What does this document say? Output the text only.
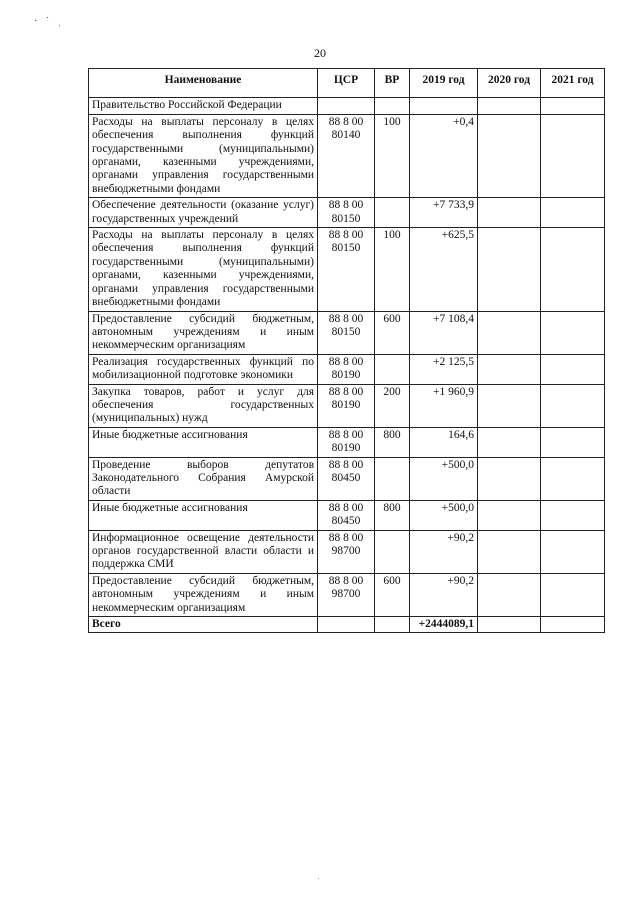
· ˙ ˌ
20
Наименование	ЦСР	ВР	2019 год	2020 год	2021 год
Правительство Российской Федерации					
Расходы на выплаты персоналу в целях обеспечения выполнения функций государственными (муниципальными) органами, казенными учреждениями, органами управления государственными внебюджетными фондами	88 8 00 80140	100	+0,4		
Обеспечение деятельности (оказание услуг) государственных учреждений	88 8 00 80150		+7 733,9		
Расходы на выплаты персоналу в целях обеспечения выполнения функций государственными (муниципальными) органами, казенными учреждениями, органами управления государственными внебюджетными фондами	88 8 00 80150	100	+625,5		
Предоставление субсидий бюджетным, автономным учреждениям и иным некоммерческим организациям	88 8 00 80150	600	+7 108,4		
Реализация государственных функций по мобилизационной подготовке экономики	88 8 00 80190		+2 125,5		
Закупка товаров, работ и услуг для обеспечения государственных (муниципальных) нужд	88 8 00 80190	200	+1 960,9		
Иные бюджетные ассигнования	88 8 00 80190	800	164,6		
Проведение выборов депутатов Законодательного Собрания Амурской области	88 8 00 80450		+500,0		
Иные бюджетные ассигнования	88 8 00 80450	800	+500,0		
Информационное освещение деятельности органов государственной власти области и поддержка СМИ	88 8 00 98700		+90,2		
Предоставление субсидий бюджетным, автономным учреждениям и иным некоммерческим организациям	88 8 00 98700	600	+90,2		
Всего			+2444089,1		
